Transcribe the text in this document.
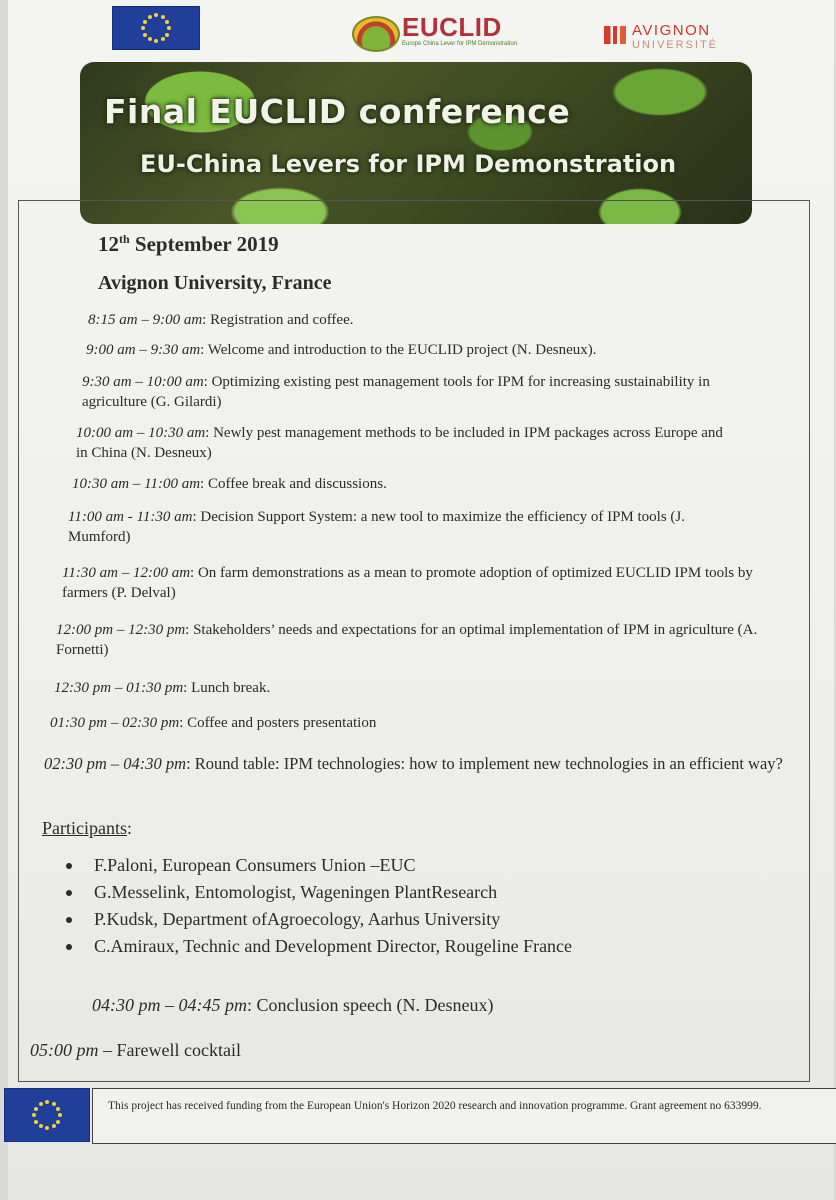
EUCLID
Europe China Lever for IPM Demonstration
AVIGNON
UNIVERSITÉ
Final EUCLID conference
EU-China Levers for IPM Demonstration
12th September 2019
Avignon University, France
8:15 am – 9:00 am: Registration and coffee.
9:00 am – 9:30 am: Welcome and introduction to the EUCLID project (N. Desneux).
9:30 am – 10:00 am: Optimizing existing pest management tools for IPM for increasing sustainability in agriculture (G. Gilardi)
10:00 am – 10:30 am: Newly pest management methods to be included in IPM packages across Europe and in China (N. Desneux)
10:30 am – 11:00 am: Coffee break and discussions.
11:00 am - 11:30 am: Decision Support System: a new tool to maximize the efficiency of IPM tools (J. Mumford)
11:30 am – 12:00 am: On farm demonstrations as a mean to promote adoption of optimized EUCLID IPM tools by farmers (P. Delval)
12:00 pm – 12:30 pm: Stakeholders’ needs and expectations for an optimal implementation of IPM in agriculture (A. Fornetti)
12:30 pm – 01:30 pm: Lunch break.
01:30 pm – 02:30 pm: Coffee and posters presentation
02:30 pm – 04:30 pm: Round table: IPM technologies: how to implement new technologies in an efficient way?
Participants:
F.Paloni, European Consumers Union –EUC
G.Messelink, Entomologist, Wageningen PlantResearch
P.Kudsk, Department ofAgroecology, Aarhus University
C.Amiraux, Technic and Development Director, Rougeline France
04:30 pm – 04:45 pm: Conclusion speech (N. Desneux)
05:00 pm – Farewell cocktail
This project has received funding from the European Union's Horizon 2020 research and innovation programme. Grant agreement no 633999.
